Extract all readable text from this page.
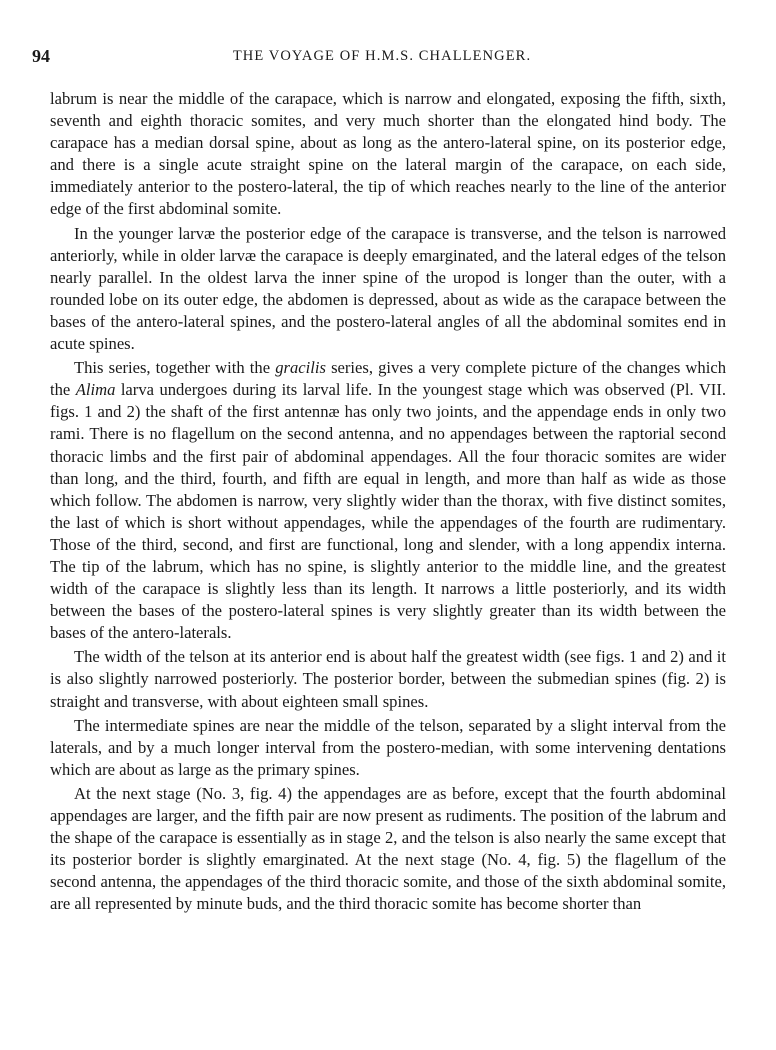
94	THE VOYAGE OF H.M.S. CHALLENGER.

labrum is near the middle of the carapace, which is narrow and elongated, exposing the fifth, sixth, seventh and eighth thoracic somites, and very much shorter than the elongated hind body. The carapace has a median dorsal spine, about as long as the antero-lateral spine, on its posterior edge, and there is a single acute straight spine on the lateral margin of the carapace, on each side, immediately anterior to the postero-lateral, the tip of which reaches nearly to the line of the anterior edge of the first abdominal somite.

In the younger larvæ the posterior edge of the carapace is transverse, and the telson is narrowed anteriorly, while in older larvæ the carapace is deeply emarginated, and the lateral edges of the telson nearly parallel. In the oldest larva the inner spine of the uropod is longer than the outer, with a rounded lobe on its outer edge, the abdomen is depressed, about as wide as the carapace between the bases of the antero-lateral spines, and the postero-lateral angles of all the abdominal somites end in acute spines.

This series, together with the gracilis series, gives a very complete picture of the changes which the Alima larva undergoes during its larval life. In the youngest stage which was observed (Pl. VII. figs. 1 and 2) the shaft of the first antennæ has only two joints, and the appendage ends in only two rami. There is no flagellum on the second antenna, and no appendages between the raptorial second thoracic limbs and the first pair of abdominal appendages. All the four thoracic somites are wider than long, and the third, fourth, and fifth are equal in length, and more than half as wide as those which follow. The abdomen is narrow, very slightly wider than the thorax, with five distinct somites, the last of which is short without appendages, while the appendages of the fourth are rudimentary. Those of the third, second, and first are functional, long and slender, with a long appendix interna. The tip of the labrum, which has no spine, is slightly anterior to the middle line, and the greatest width of the carapace is slightly less than its length. It narrows a little posteriorly, and its width between the bases of the postero-lateral spines is very slightly greater than its width between the bases of the antero-laterals.

The width of the telson at its anterior end is about half the greatest width (see figs. 1 and 2) and it is also slightly narrowed posteriorly. The posterior border, between the submedian spines (fig. 2) is straight and transverse, with about eighteen small spines.

The intermediate spines are near the middle of the telson, separated by a slight interval from the laterals, and by a much longer interval from the postero-median, with some intervening dentations which are about as large as the primary spines.

At the next stage (No. 3, fig. 4) the appendages are as before, except that the fourth abdominal appendages are larger, and the fifth pair are now present as rudiments. The position of the labrum and the shape of the carapace is essentially as in stage 2, and the telson is also nearly the same except that its posterior border is slightly emarginated. At the next stage (No. 4, fig. 5) the flagellum of the second antenna, the appendages of the third thoracic somite, and those of the sixth abdominal somite, are all represented by minute buds, and the third thoracic somite has become shorter than
